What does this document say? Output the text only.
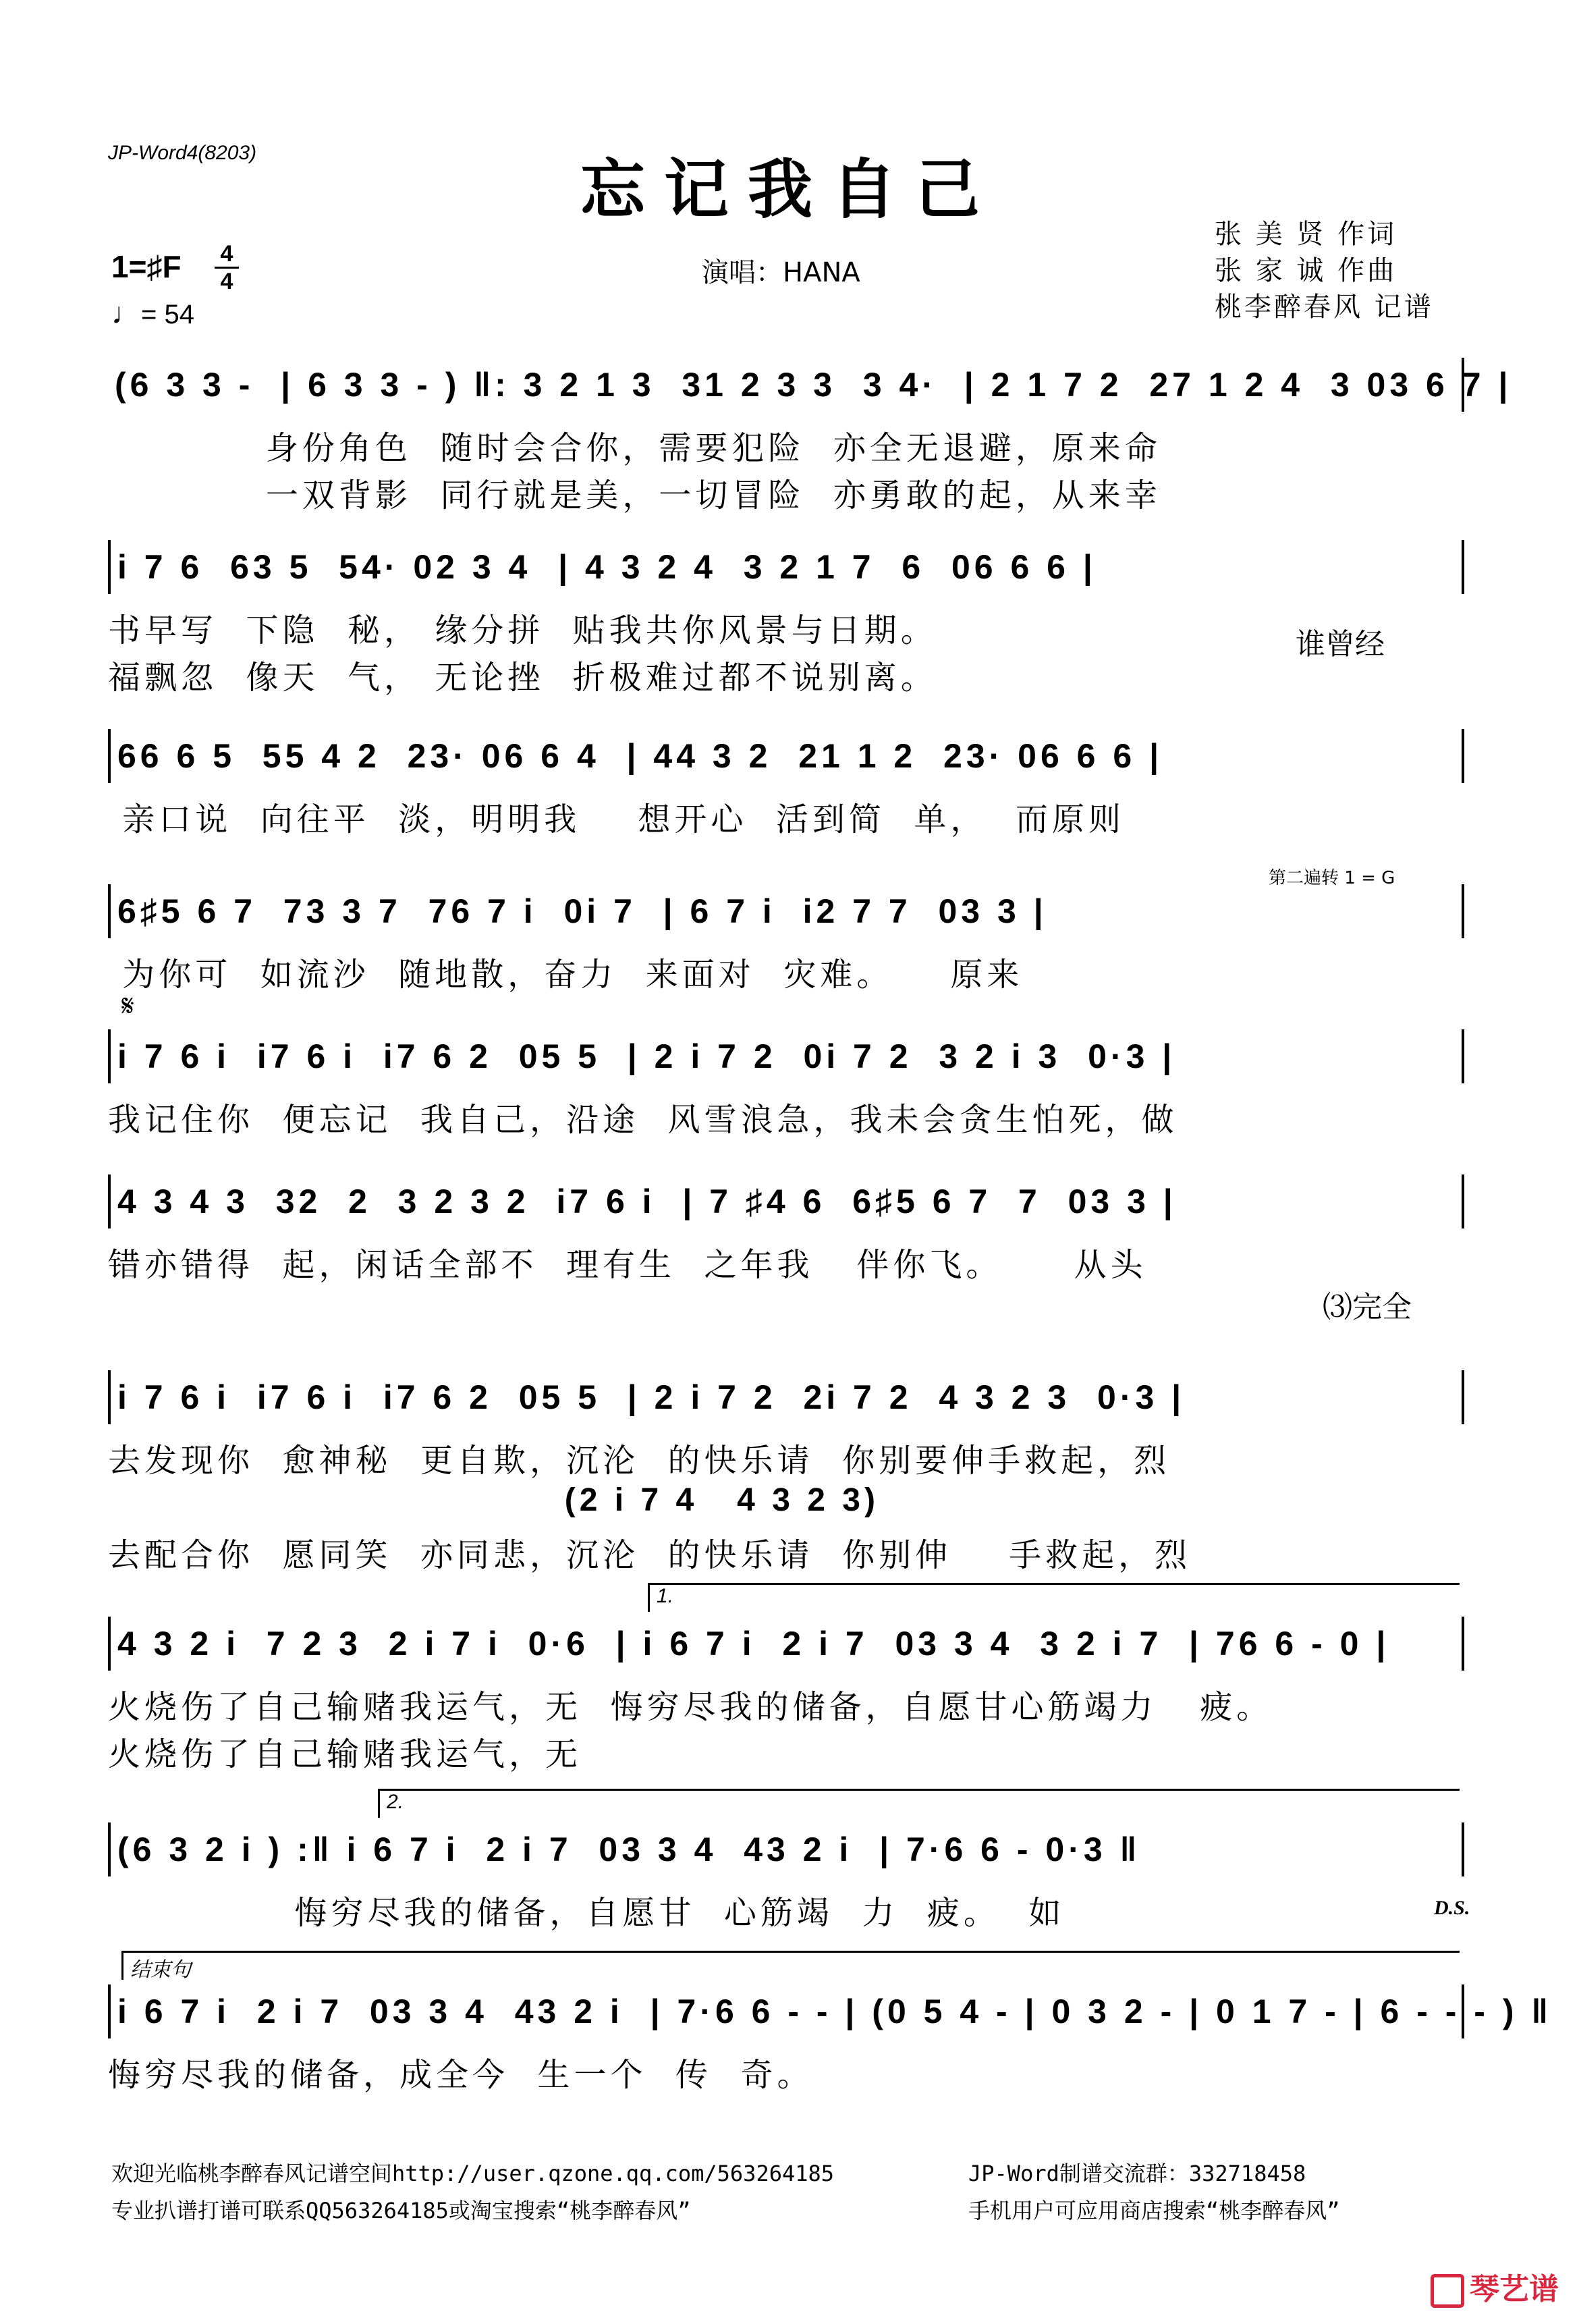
JP-Word4(8203)	忘记我自己
演唱：HANA
张 美 贤 作词
张 家 诚 作曲
桃李醉春风 记谱
1=♯F 4
4
♩= 54
(6 3 3 -  | 6 3 3 - ) ‖: 3 2 1 3  31 2 3 3  3 4·  | 2 1 7 2  27 1 2 4  3 03 6 7 |
身份角色  随时会合你，需要犯险  亦全无退避，原来命
一双背影  同行就是美，一切冒险  亦勇敢的起，从来幸
i 7 6  63 5  54· 02 3 4  | 4 3 2 4  3 2 1 7  6  06 6 6 |
书早写  下隐  秘， 缘分拼  贴我共你风景与日期。
福飘忽  像天  气， 无论挫  折极难过都不说别离。
谁曾经
66 6 5  55 4 2  23· 06 6 4  | 44 3 2  21 1 2  23· 06 6 6 |
亲口说  向往平  淡，明明我    想开心  活到简  单，  而原则
第二遍转 1 = G
6♯5 6 7  73 3 7  76 7 i  0i 7  | 6 7 i  i2 7 7  03 3 |
为你可  如流沙  随地散，奋力  来面对  灾难。    原来
𝄋
i 7 6 i  i7 6 i  i7 6 2  05 5  | 2 i 7 2  0i 7 2  3 2 i 3  0·3 |
我记住你  便忘记  我自己，沿途  风雪浪急，我未会贪生怕死，做
4 3 4 3  32  2  3 2 3 2  i7 6 i  | 7 ♯4 6  6♯5 6 7  7  03 3 |
错亦错得  起，闲话全部不  理有生  之年我   伴你飞。     从头
⑶完全
i 7 6 i  i7 6 i  i7 6 2  05 5  | 2 i 7 2  2i 7 2  4 3 2 3  0·3 |
去发现你  愈神秘  更自欺，沉沦  的快乐请  你别要伸手救起，烈
(2 i 7 4   4 3 2 3)
去配合你  愿同笑  亦同悲，沉沦  的快乐请  你别伸    手救起，烈
1.
4 3 2 i  7 2 3  2 i 7 i  0·6  | i 6 7 i  2 i 7  03 3 4  3 2 i 7  | 76 6 - 0 |
火烧伤了自己输赌我运气，无  悔穷尽我的储备，自愿甘心筋竭力   疲。
火烧伤了自己输赌我运气，无
2.
(6 3 2 i ) :‖ i 6 7 i  2 i 7  03 3 4  43 2 i  | 7·6 6 - 0·3 ‖
悔穷尽我的储备，自愿甘  心筋竭  力  疲。  如	D.S.
结束句
i 6 7 i  2 i 7  03 3 4  43 2 i  | 7·6 6 - - | (0 5 4 - | 0 3 2 - | 0 1 7 - | 6 - - - ) ‖
悔穷尽我的储备，成全今  生一个  传  奇。
欢迎光临桃李醉春风记谱空间http://user.qzone.qq.com/563264185	JP-Word制谱交流群：332718458
专业扒谱打谱可联系QQ563264185或淘宝搜索“桃李醉春风”	手机用户可应用商店搜索“桃李醉春风”
琴艺谱
